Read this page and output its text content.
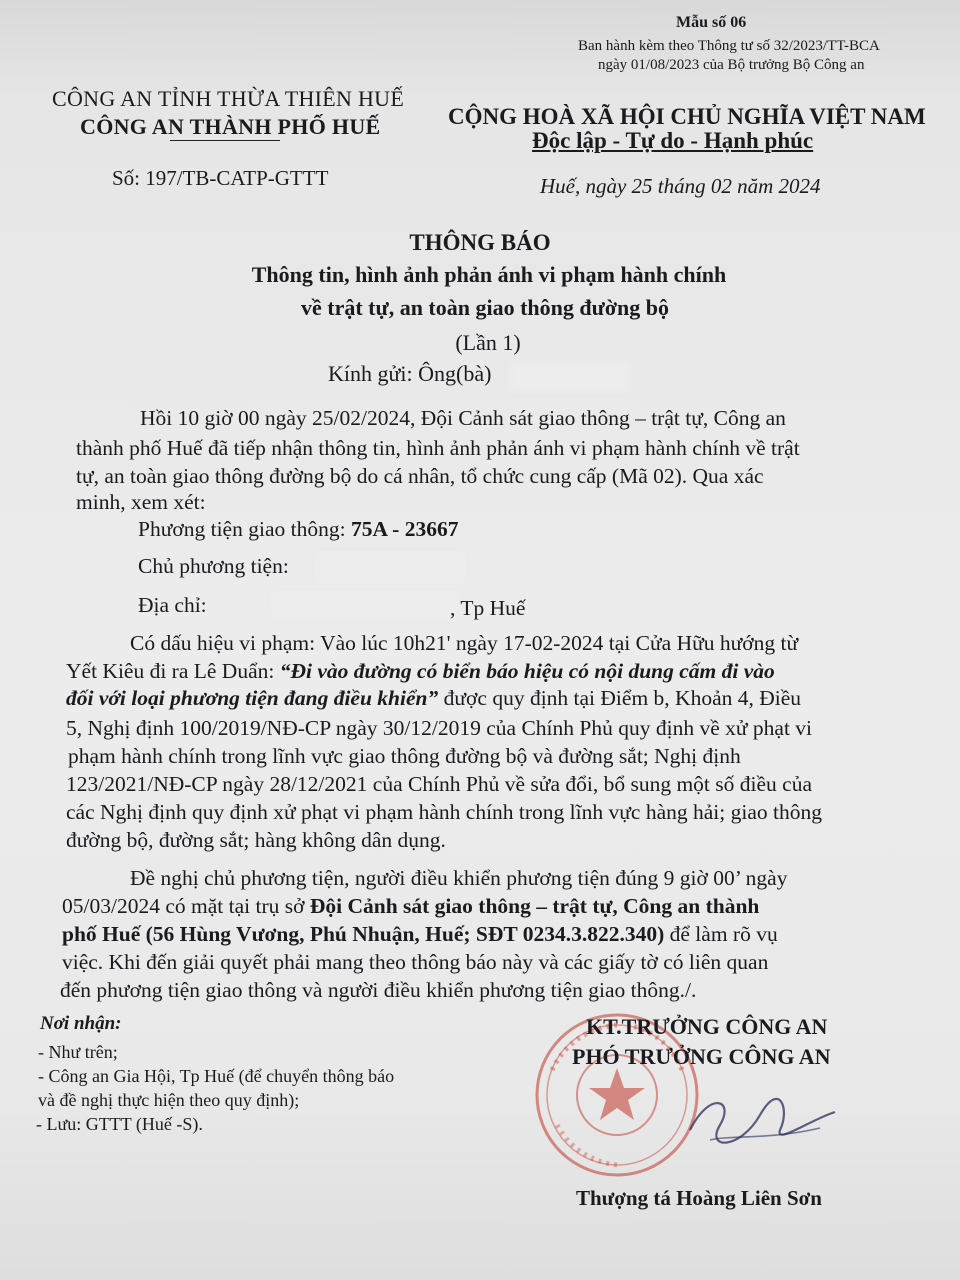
Mẫu số 06
Ban hành kèm theo Thông tư số 32/2023/TT-BCA
ngày 01/08/2023 của Bộ trưởng Bộ Công an
CÔNG AN TỈNH THỪA THIÊN HUẾ
CÔNG AN THÀNH PHỐ HUẾ	CỘNG HOÀ XÃ HỘI CHỦ NGHĨA VIỆT NAM
Độc lập - Tự do - Hạnh phúc
Số: 197/TB-CATP-GTTT	Huế, ngày 25 tháng 02 năm 2024
THÔNG BÁO
Thông tin, hình ảnh phản ánh vi phạm hành chính
về trật tự, an toàn giao thông đường bộ
(Lần 1)
Kính gửi: Ông(bà)
Hồi 10 giờ 00 ngày 25/02/2024, Đội Cảnh sát giao thông – trật tự, Công an
thành phố Huế đã tiếp nhận thông tin, hình ảnh phản ánh vi phạm hành chính về trật
tự, an toàn giao thông đường bộ do cá nhân, tổ chức cung cấp (Mã 02). Qua xác
minh, xem xét:
Phương tiện giao thông: 75A - 23667
Chủ phương tiện:
Địa chỉ:	, Tp Huế
Có dấu hiệu vi phạm: Vào lúc 10h21' ngày 17-02-2024 tại Cửa Hữu hướng từ
Yết Kiêu đi ra Lê Duẩn: “Đi vào đường có biển báo hiệu có nội dung cấm đi vào
đối với loại phương tiện đang điều khiển” được quy định tại Điểm b, Khoản 4, Điều
5, Nghị định 100/2019/NĐ-CP ngày 30/12/2019 của Chính Phủ quy định về xử phạt vi
phạm hành chính trong lĩnh vực giao thông đường bộ và đường sắt; Nghị định
123/2021/NĐ-CP ngày 28/12/2021 của Chính Phủ về sửa đổi, bổ sung một số điều của
các Nghị định quy định xử phạt vi phạm hành chính trong lĩnh vực hàng hải; giao thông
đường bộ, đường sắt; hàng không dân dụng.
Đề nghị chủ phương tiện, người điều khiển phương tiện đúng 9 giờ 00’ ngày
05/03/2024 có mặt tại trụ sở Đội Cảnh sát giao thông – trật tự, Công an thành
phố Huế (56 Hùng Vương, Phú Nhuận, Huế; SĐT 0234.3.822.340) để làm rõ vụ
việc. Khi đến giải quyết phải mang theo thông báo này và các giấy tờ có liên quan
đến phương tiện giao thông và người điều khiển phương tiện giao thông./.
Nơi nhận:
- Như trên;
- Công an Gia Hội, Tp Huế (để chuyển thông báo
và đề nghị thực hiện theo quy định);
- Lưu: GTTT (Huế -S).
KT.TRƯỞNG CÔNG AN
PHÓ TRƯỞNG CÔNG AN
Thượng tá Hoàng Liên Sơn
